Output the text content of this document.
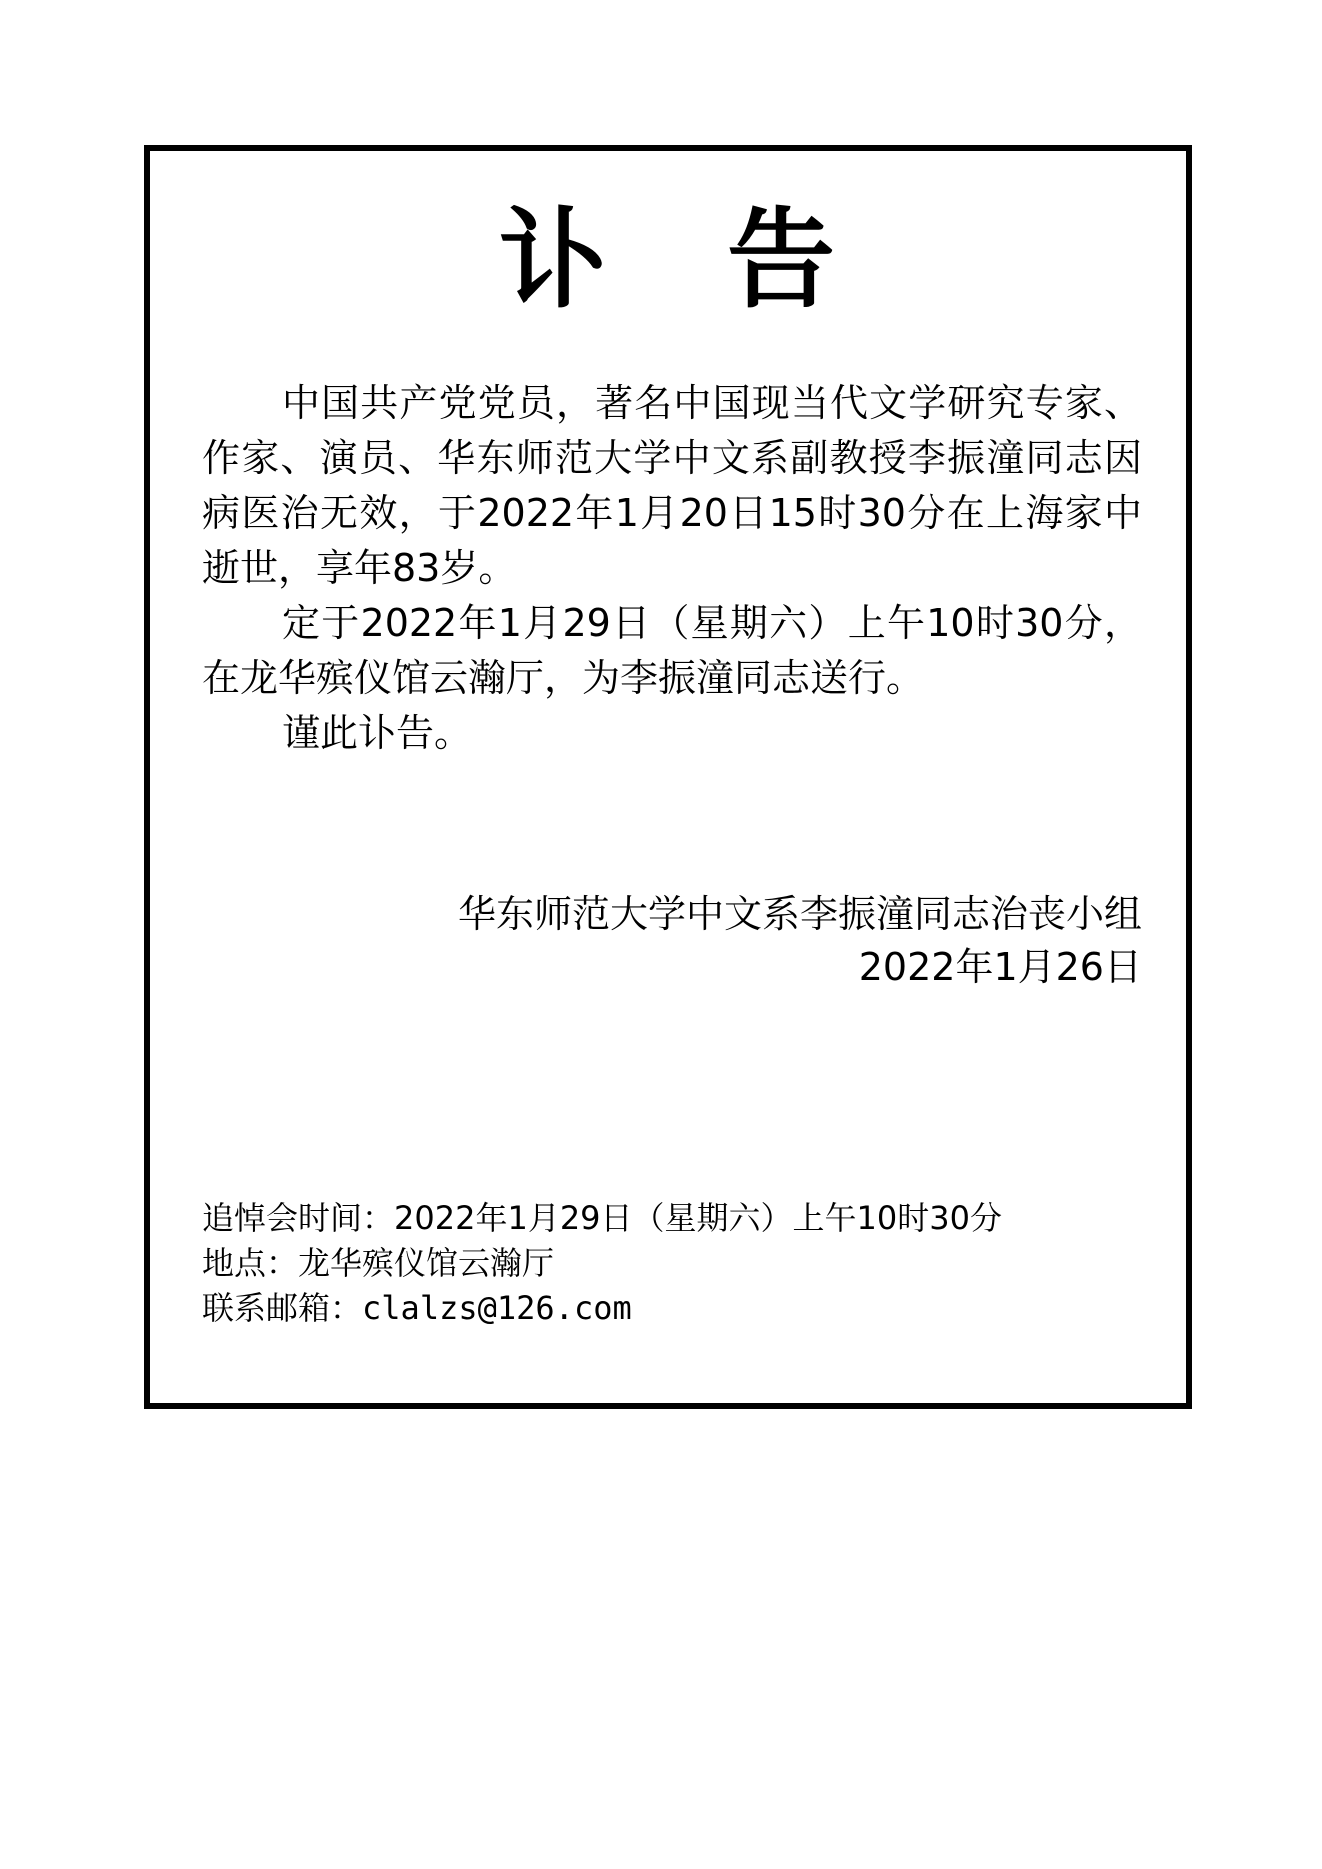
讣 告

中国共产党党员，著名中国现当代文学研究专家、作家、演员、华东师范大学中文系副教授李振潼同志因病医治无效，于2022年1月20日15时30分在上海家中逝世，享年83岁。

定于2022年1月29日（星期六）上午10时30分，在龙华殡仪馆云瀚厅，为李振潼同志送行。

谨此讣告。

华东师范大学中文系李振潼同志治丧小组
2022年1月26日
追悼会时间：2022年1月29日（星期六）上午10时30分
地点：龙华殡仪馆云瀚厅
联系邮箱：clalzs@126.com
